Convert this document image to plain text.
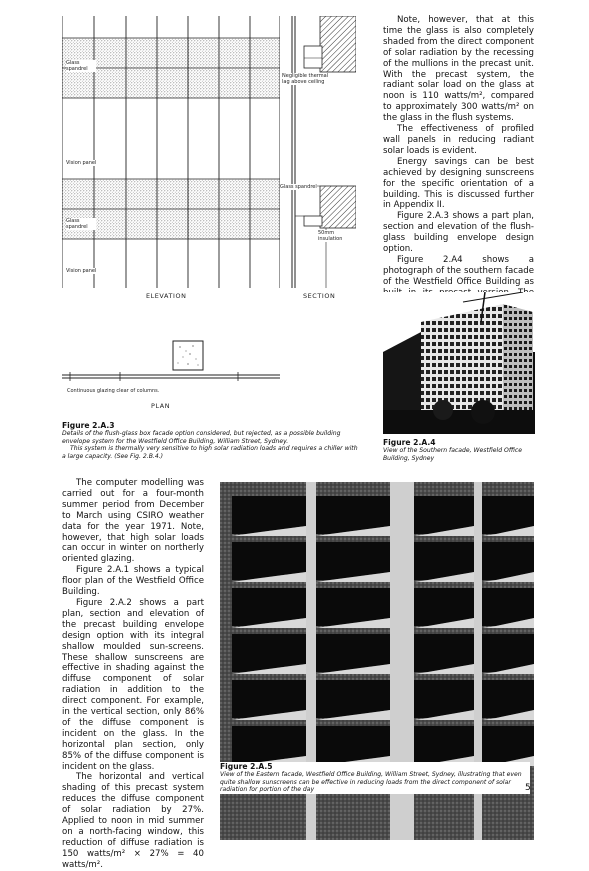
Glass
spandrel
Vision panel
Glass
spandrel
Vision panel
ELEVATION
Negligible thermal
lag above ceiling
Glass spandrel
50mm
insulation
SECTION
Continuous glazing clear of columns.
PLAN
Figure 2.A.3
Details of the flush-glass box facade option considered, but rejected, as a possible building envelope system for the Westfield Office Building, William Street, Sydney.
This system is thermally very sensitive to high solar radiation loads and requires a chiller with a large capacity. (See Fig. 2.B.4.)

Note, however, that at this time the glass is also completely shaded from the direct component of solar radiation by the recessing of the mullions in the precast unit. With the precast system, the radiant solar load on the glass at noon is 110 watts/m², compared to approximately 300 watts/m² on the glass in the flush systems.

The effectiveness of profiled wall panels in reducing radiant solar loads is evident.

Energy savings can be best achieved by designing sunscreens for the specific orientation of a building. This is discussed further in Appendix II.

Figure 2.A.3 shows a part plan, section and elevation of the flush-glass building envelope design option.

Figure 2.A4 shows a photograph of the southern facade of the Westfield Office Building as

Figure 2.A.4
View of the Southern facade, Westfield Office Building, Sydney

The computer modelling was carried out for a four-month summer period from December to March using CSIRO weather data for the year 1971. Note, however, that high solar loads can occur in winter on northerly oriented glazing.

Figure 2.A.1 shows a typical floor plan of the Westfield Office Building.

Figure 2.A.2 shows a part plan, section and elevation of the precast building envelope design option with its integral shallow moulded sun-screens. These shallow sunscreens are effective in shading against the diffuse component of solar radiation in addition to the direct component. For example, in the vertical section, only 86% of the diffuse component is incident on the glass. In the horizontal plan section, only 85% of the diffuse component is incident on the glass.

The horizontal and vertical shading of this precast system reduces the diffuse component of solar radiation by 27%. Applied to noon in mid summer on a north-facing window, this reduction of diffuse radiation is 150 watts/m² × 27% = 40 watts/m².

Figure 2.A.5
View of the Eastern facade, Westfield Office Building, William Street, Sydney, illustrating that even quite shallow sunscreens can be effective in reducing loads from the direct component of solar radiation for portion of the day	5
